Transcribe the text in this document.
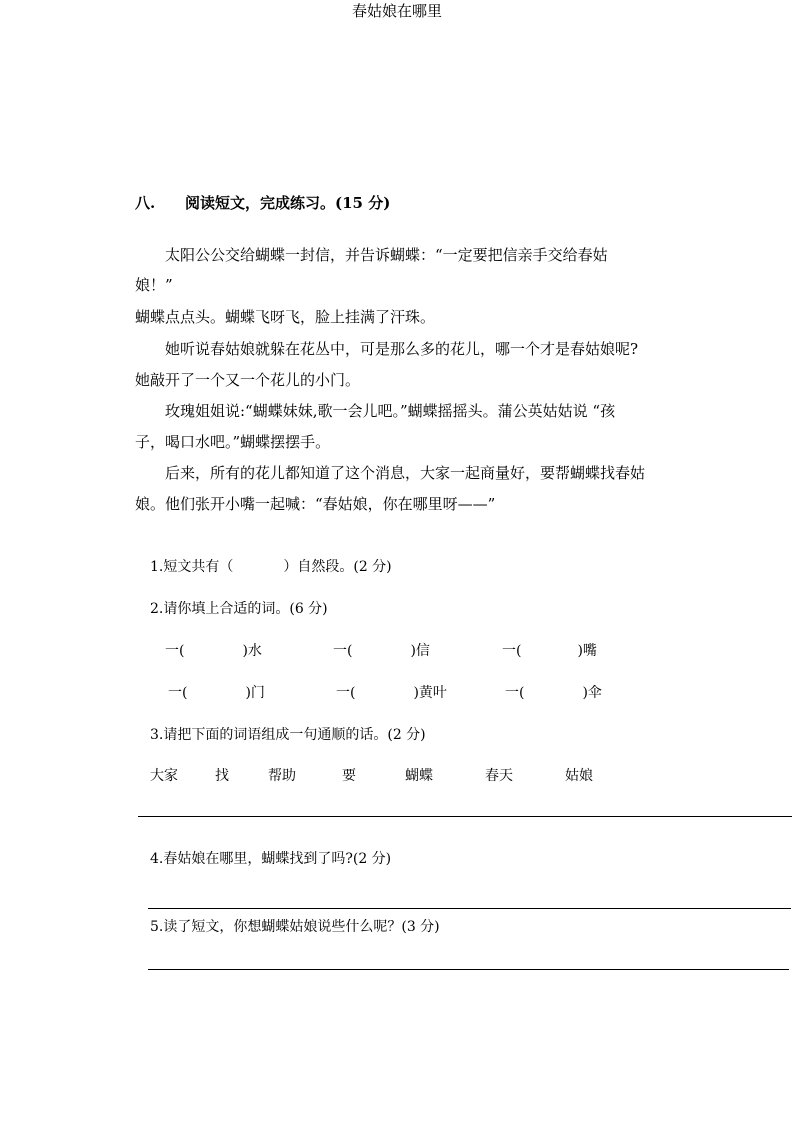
八. 阅读短文，完成练习。(15 分)
春姑娘在哪里
太阳公公交给蝴蝶一封信，并告诉蝴蝶：“一定要把信亲手交给春姑
娘！”
蝴蝶点点头。蝴蝶飞呀飞，脸上挂满了汗珠。
她听说春姑娘就躲在花丛中，可是那么多的花儿，哪一个才是春姑娘呢?
她敲开了一个又一个花儿的小门。
玫瑰姐姐说:“蝴蝶妹妹,歌一会儿吧。”蝴蝶摇摇头。蒲公英姑姑说 “孩
子，喝口水吧。”蝴蝶摆摆手。
后来，所有的花儿都知道了这个消息，大家一起商量好，要帮蝴蝶找春姑
娘。他们张开小嘴一起喊：“春姑娘，你在哪里呀——”
1.短文共有（	）自然段。(2 分)
2.请你填上合适的词。(6 分)
一(	)水	一(	)信	一(	)嘴
一(	)门	一(	)黄叶	一(	)伞
3.请把下面的词语组成一句通顺的话。(2 分)
大家	找	帮助	要	蝴蝶	春天	姑娘
4.春姑娘在哪里，蝴蝶找到了吗?(2 分)
5.读了短文，你想蝴蝶姑娘说些什么呢？(3 分)
